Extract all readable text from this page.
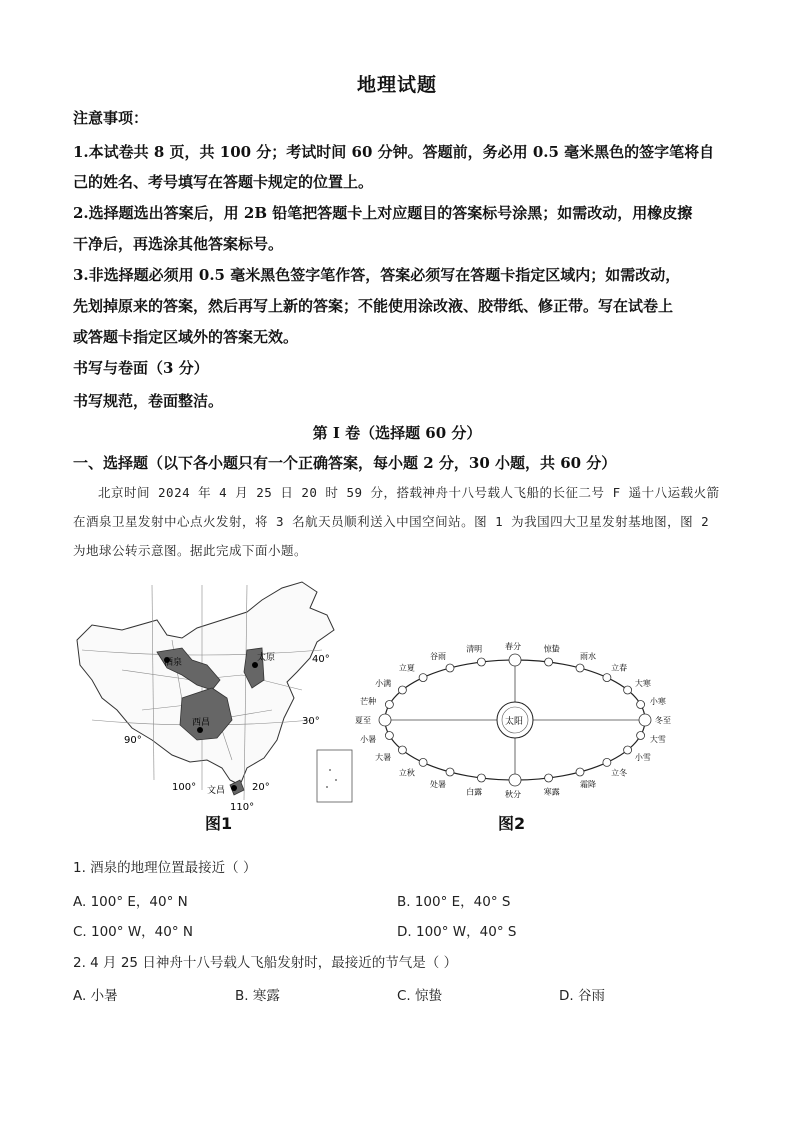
地理试题
注意事项：
1.本试卷共 8 页，共 100 分；考试时间 60 分钟。答题前，务必用 0.5 毫米黑色的签字笔将自
己的姓名、考号填写在答题卡规定的位置上。
2.选择题选出答案后，用 2B 铅笔把答题卡上对应题目的答案标号涂黑；如需改动，用橡皮擦
干净后，再选涂其他答案标号。
3.非选择题必须用 0.5 毫米黑色签字笔作答，答案必须写在答题卡指定区域内；如需改动，
先划掉原来的答案，然后再写上新的答案；不能使用涂改液、胶带纸、修正带。写在试卷上
或答题卡指定区域外的答案无效。
书写与卷面（3 分）
书写规范，卷面整洁。
第 I 卷（选择题 60 分）
一、选择题（以下各小题只有一个正确答案，每小题 2 分，30 小题，共 60 分）
北京时间 2024 年 4 月 25 日 20 时 59 分，搭载神舟十八号载人飞船的长征二号 F 遥十八运载火箭在酒泉卫星发射中心点火发射，将 3 名航天员顺利送入中国空间站。图 1 为我国四大卫星发射基地图，图 2 为地球公转示意图。据此完成下面小题。
酒泉	太原
西昌
文昌
40°
30°
20°
90°
100°
110°
图1
太阳
春分	惊蛰
雨水
立春
大寒
小寒
冬至
大雪
小雪
立冬
霜降
寒露
秋分
白露
处暑
立秋
大暑
小暑
夏至
芒种
小满
立夏
谷雨
清明
图2
1. 酒泉的地理位置最接近（ ）
A. 100° E，40° N	B. 100° E，40° S
C. 100° W，40° N	D. 100° W，40° S
2. 4 月 25 日神舟十八号载人飞船发射时，最接近的节气是（ ）
A. 小暑	B. 寒露	C. 惊蛰	D. 谷雨
